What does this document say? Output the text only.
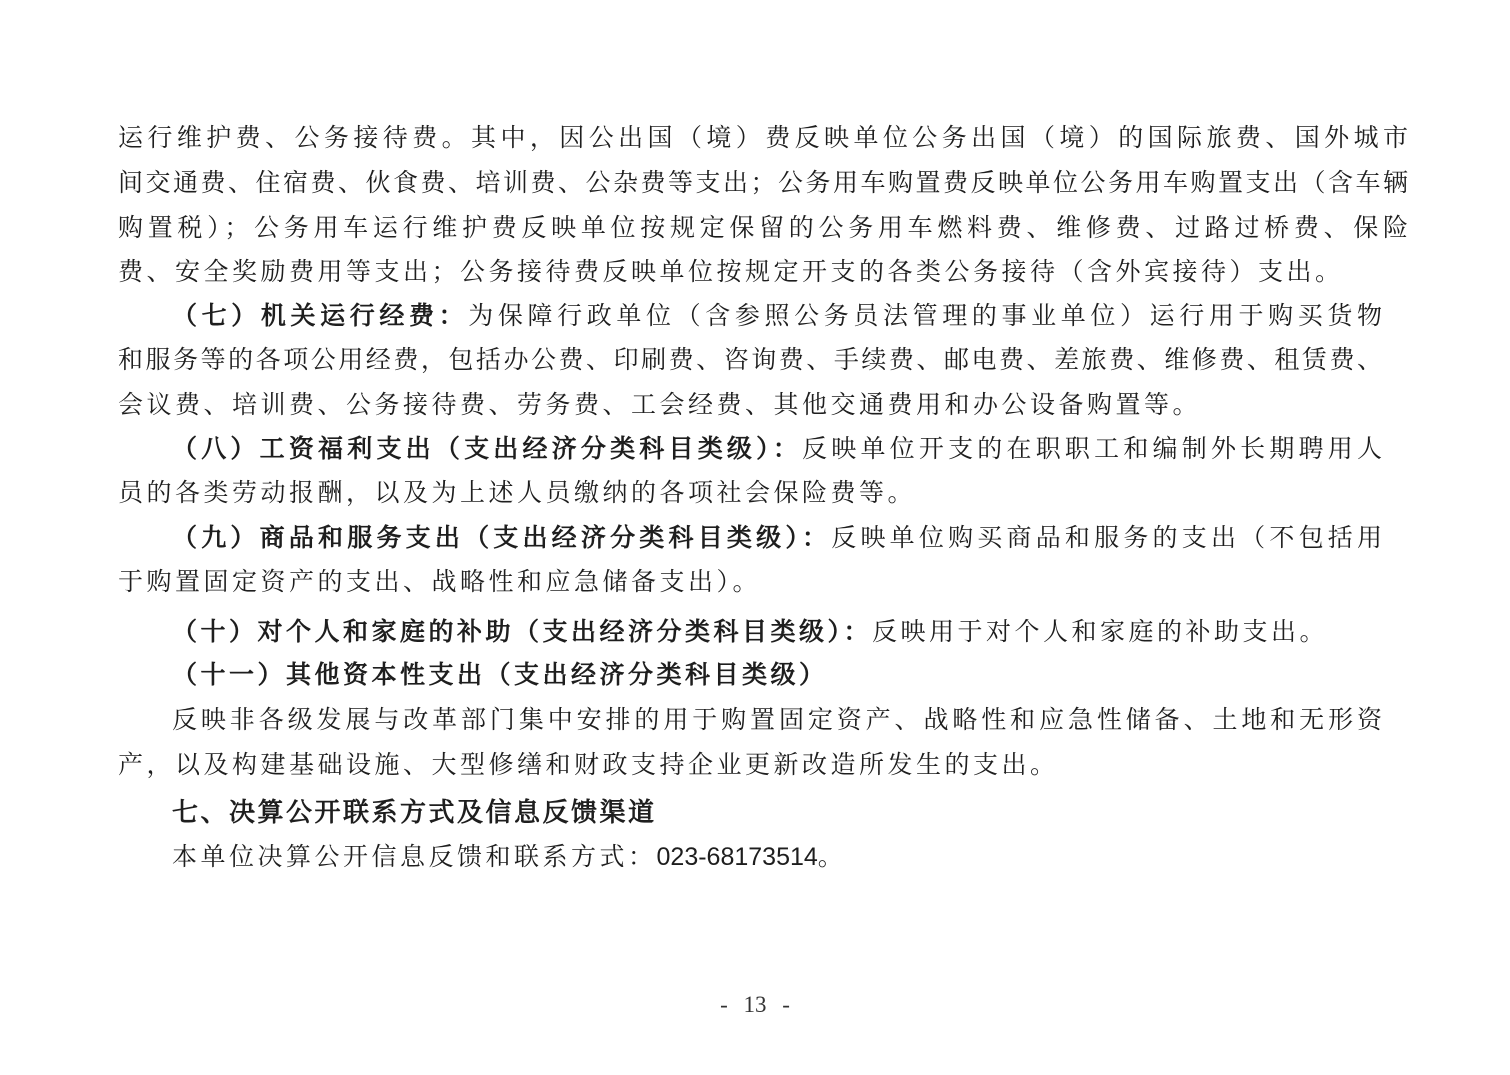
运行维护费、公务接待费。其中，因公出国（境）费反映单位公务出国（境）的国际旅费、国外城市
间交通费、住宿费、伙食费、培训费、公杂费等支出；公务用车购置费反映单位公务用车购置支出（含车辆
购置税）；公务用车运行维护费反映单位按规定保留的公务用车燃料费、维修费、过路过桥费、保险
费、安全奖励费用等支出；公务接待费反映单位按规定开支的各类公务接待（含外宾接待）支出。
（七）机关运行经费：为保障行政单位（含参照公务员法管理的事业单位）运行用于购买货物
和服务等的各项公用经费，包括办公费、印刷费、咨询费、手续费、邮电费、差旅费、维修费、租赁费、
会议费、培训费、公务接待费、劳务费、工会经费、其他交通费用和办公设备购置等。
（八）工资福利支出（支出经济分类科目类级）：反映单位开支的在职职工和编制外长期聘用人
员的各类劳动报酬，以及为上述人员缴纳的各项社会保险费等。
（九）商品和服务支出（支出经济分类科目类级）：反映单位购买商品和服务的支出（不包括用
于购置固定资产的支出、战略性和应急储备支出）。
（十）对个人和家庭的补助（支出经济分类科目类级）：反映用于对个人和家庭的补助支出。
（十一）其他资本性支出（支出经济分类科目类级）
反映非各级发展与改革部门集中安排的用于购置固定资产、战略性和应急性储备、土地和无形资
产，以及构建基础设施、大型修缮和财政支持企业更新改造所发生的支出。
七、决算公开联系方式及信息反馈渠道
本单位决算公开信息反馈和联系方式：023-68173514。
- 13 -
